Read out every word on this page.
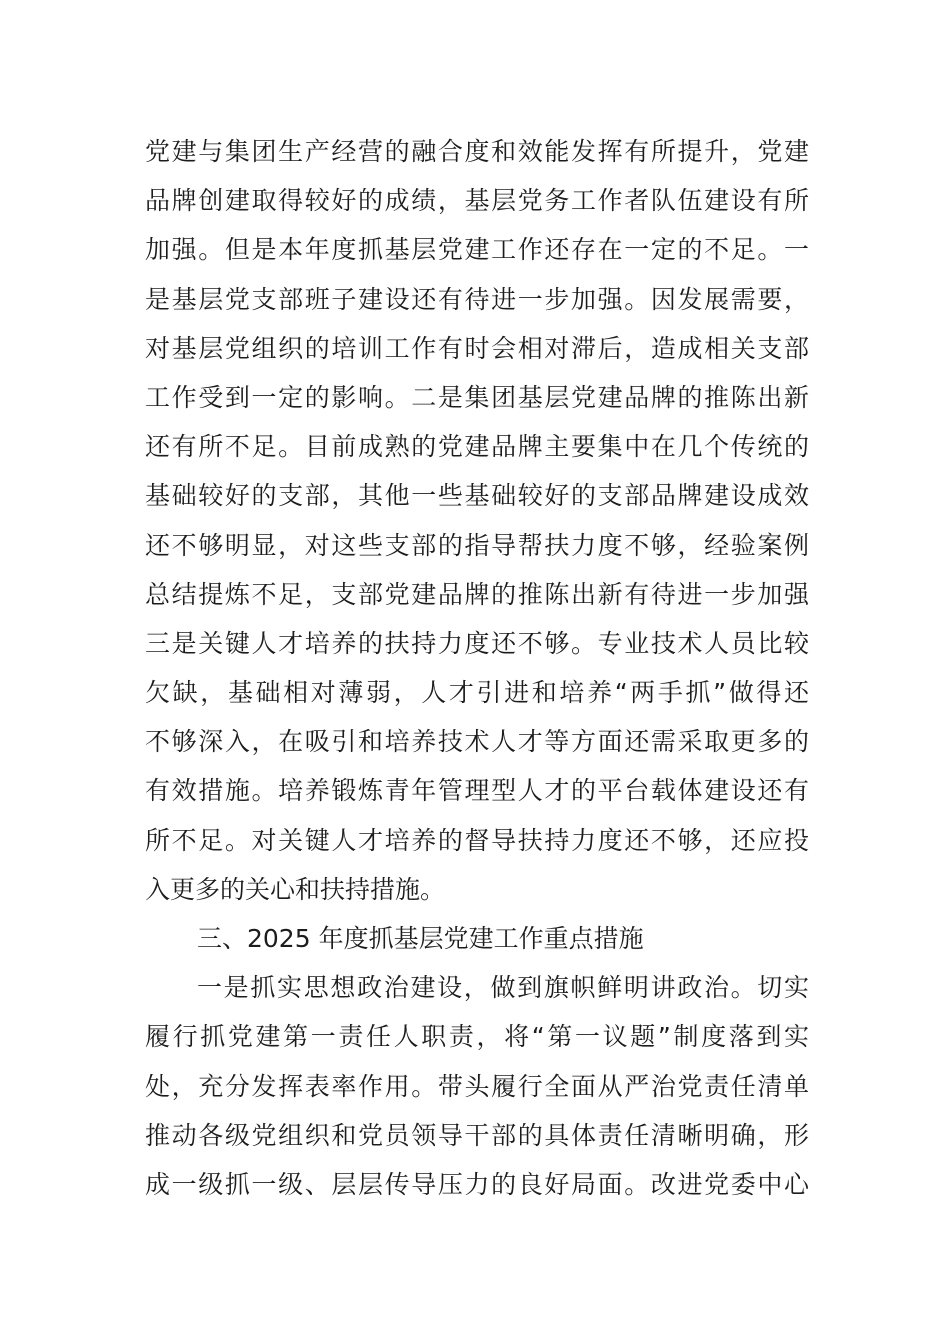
党建与集团生产经营的融合度和效能发挥有所提升，党建
品牌创建取得较好的成绩，基层党务工作者队伍建设有所
加强。但是本年度抓基层党建工作还存在一定的不足。一
是基层党支部班子建设还有待进一步加强。因发展需要，
对基层党组织的培训工作有时会相对滞后，造成相关支部
工作受到一定的影响。二是集团基层党建品牌的推陈出新
还有所不足。目前成熟的党建品牌主要集中在几个传统的
基础较好的支部，其他一些基础较好的支部品牌建设成效
还不够明显，对这些支部的指导帮扶力度不够，经验案例
总结提炼不足，支部党建品牌的推陈出新有待进一步加强
三是关键人才培养的扶持力度还不够。专业技术人员比较
欠缺，基础相对薄弱，人才引进和培养“两手抓”做得还
不够深入，在吸引和培养技术人才等方面还需采取更多的
有效措施。培养锻炼青年管理型人才的平台载体建设还有
所不足。对关键人才培养的督导扶持力度还不够，还应投
入更多的关心和扶持措施。
三、2025 年度抓基层党建工作重点措施
一是抓实思想政治建设，做到旗帜鲜明讲政治。切实
履行抓党建第一责任人职责，将“第一议题”制度落到实
处，充分发挥表率作用。带头履行全面从严治党责任清单
推动各级党组织和党员领导干部的具体责任清晰明确，形
成一级抓一级、层层传导压力的良好局面。改进党委中心
